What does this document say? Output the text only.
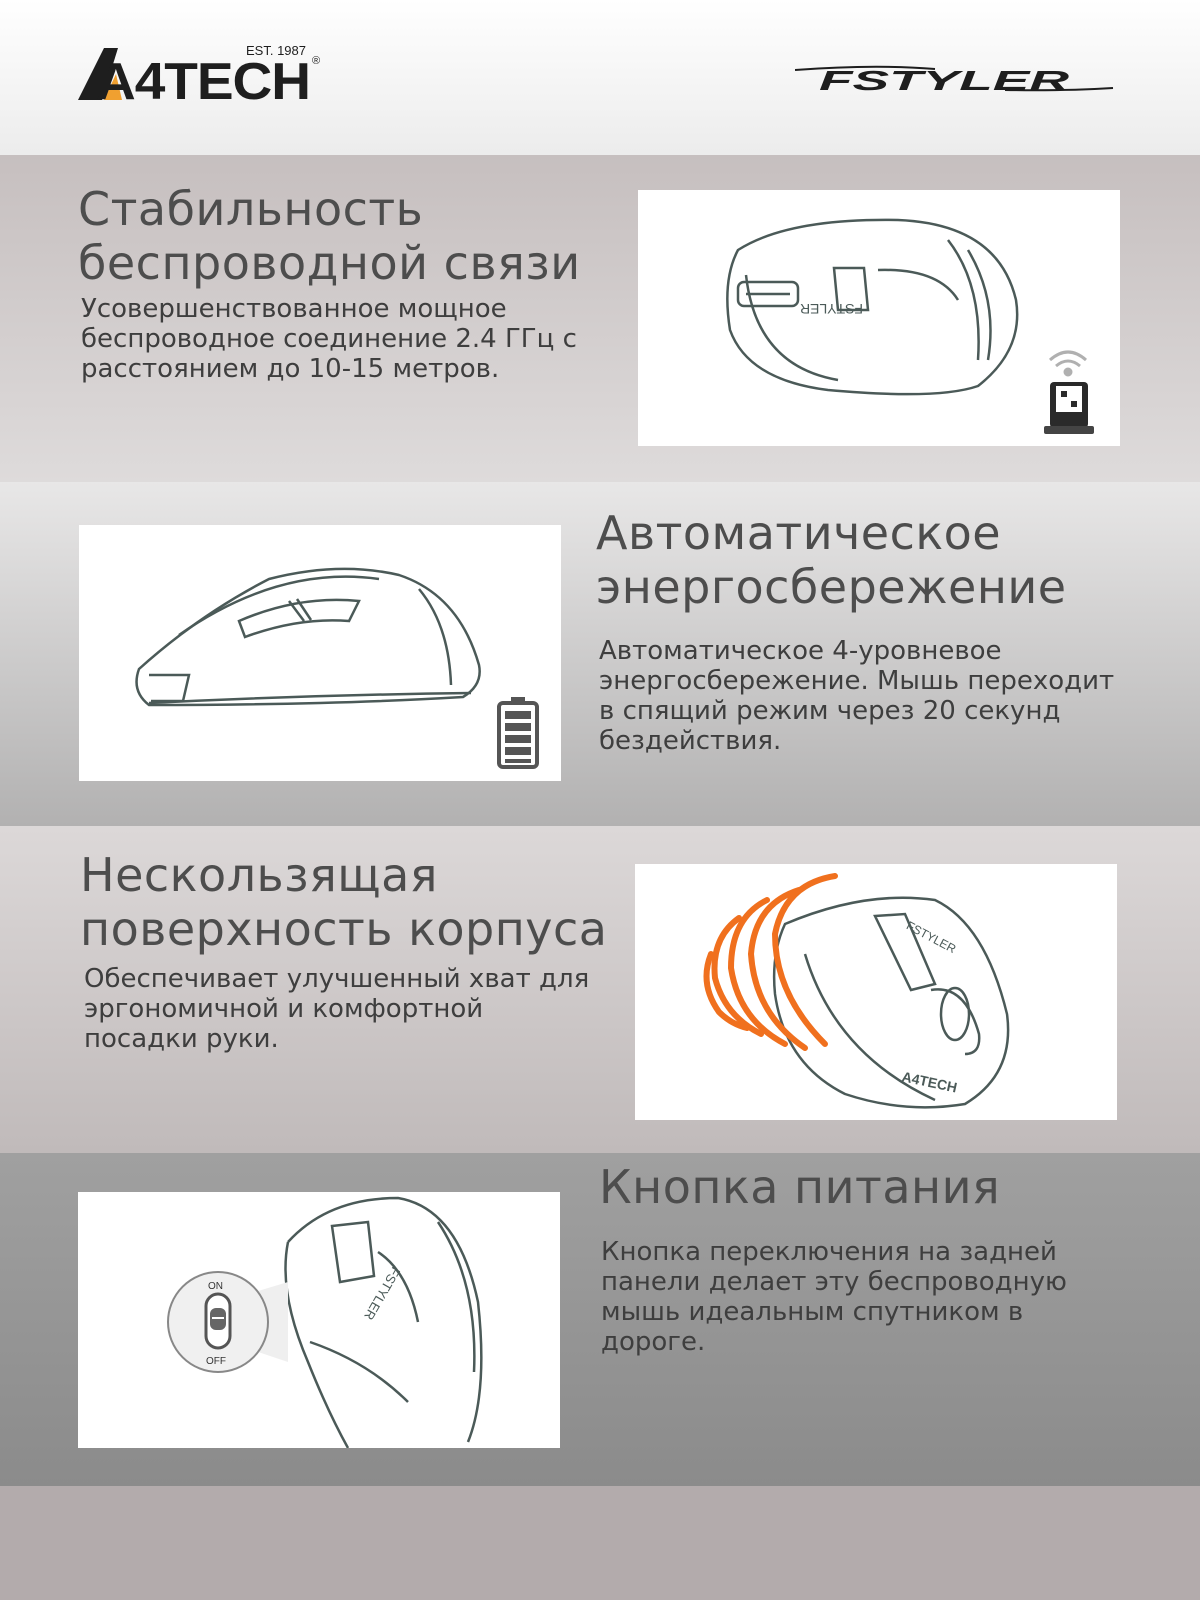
A4TECH
EST. 1987
®
FSTYLER
Стабильность
беспроводной связи

Усовершенствованное мощное
беспроводное соединение 2.4 ГГц с
расстоянием до 10-15 метров.

FSTYLER
Автоматическое
энергосбережение

Автоматическое 4-уровневое
энергосбережение. Мышь переходит
в спящий режим через 20 секунд
бездействия.

Нескользящая
поверхность корпуса

Обеспечивает улучшенный хват для
эргономичной и комфортной
посадки руки.

FSTYLER
A4TECH
FSTYLER
ON
OFF
Кнопка питания

Кнопка переключения на задней
панели делает эту беспроводную
мышь идеальным спутником в
дороге.
